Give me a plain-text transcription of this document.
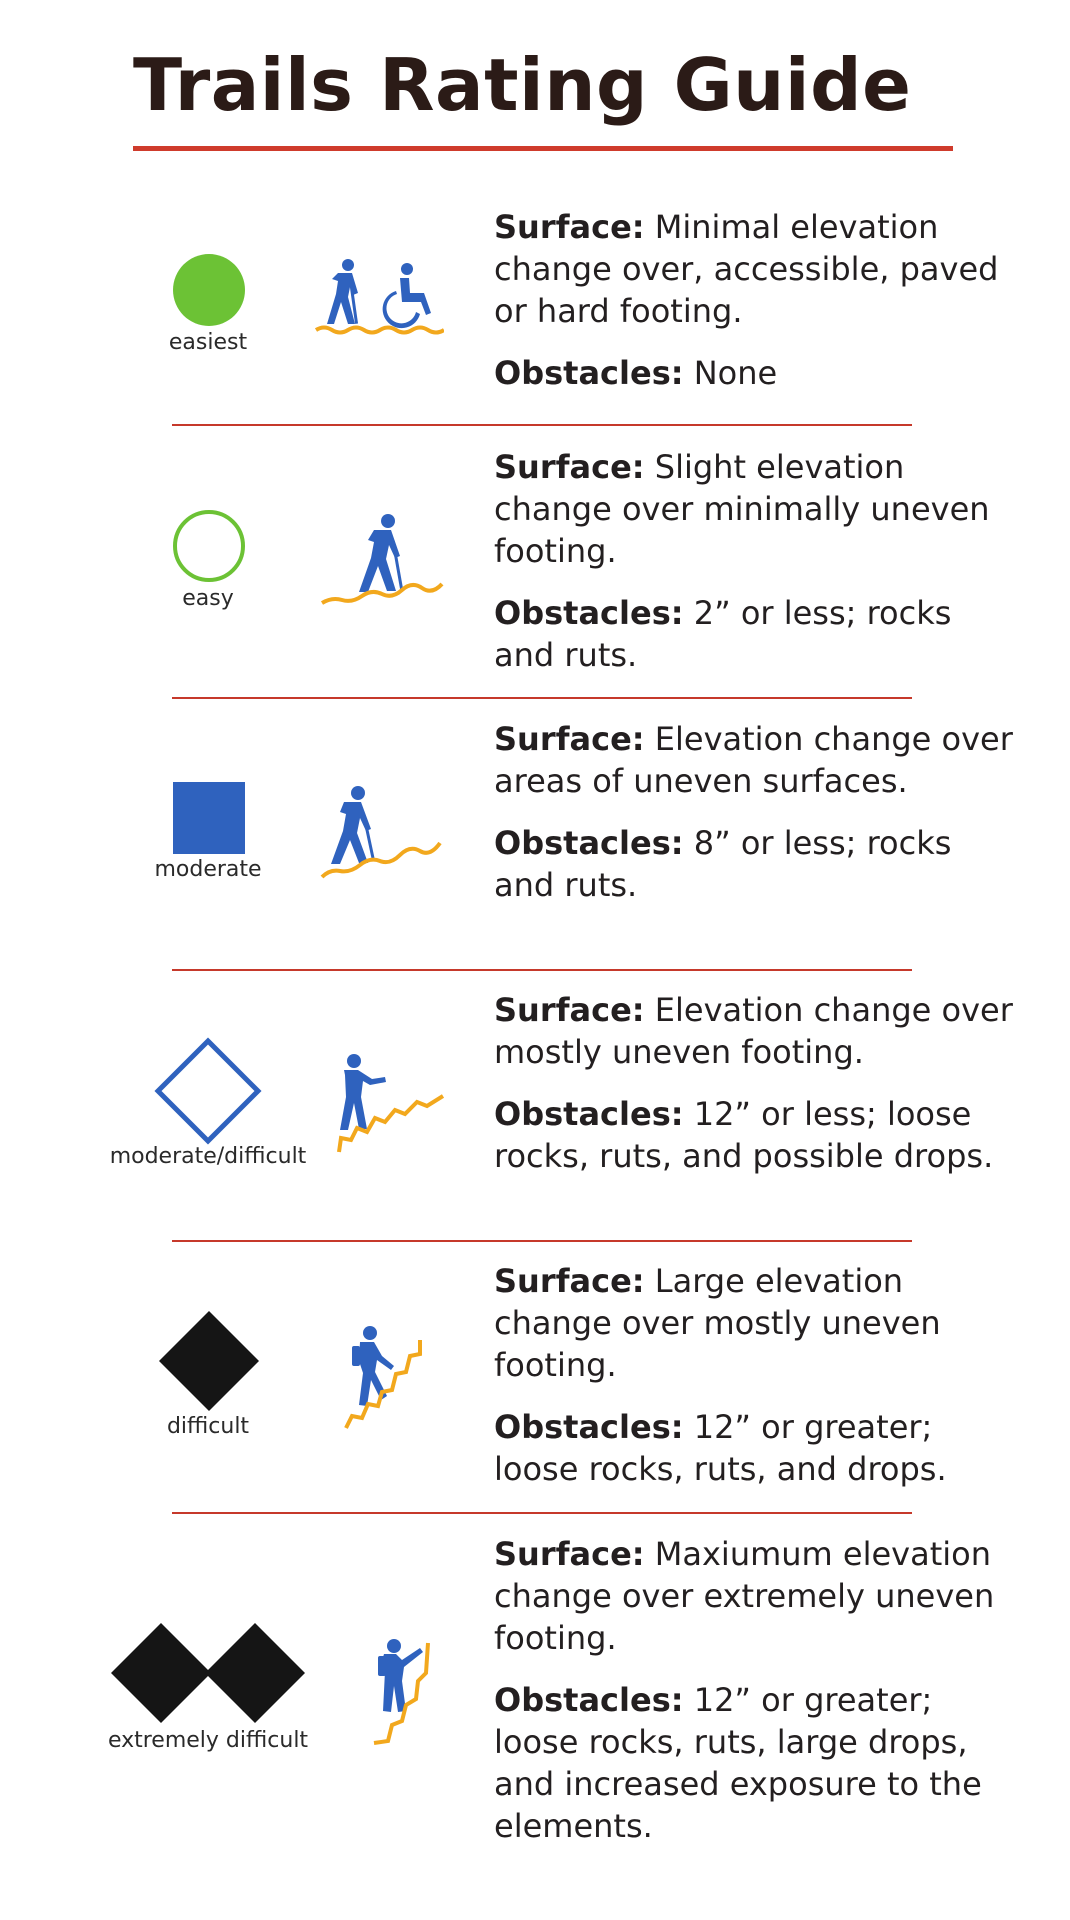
Trails Rating Guide
easiest

Surface: Minimal elevation change over, accessible, paved or hard footing.

Obstacles: None

easy

Surface: Slight elevation change over minimally uneven footing.

Obstacles: 2” or less; rocks and ruts.

moderate

Surface: Elevation change over areas of uneven surfaces.

Obstacles: 8” or less; rocks and ruts.

moderate/difficult

Surface: Elevation change over mostly uneven footing.

Obstacles: 12” or less; loose rocks, ruts, and possible drops.

difficult

Surface: Large elevation change over mostly uneven footing.

Obstacles: 12” or greater; loose rocks, ruts, and drops.

extremely difficult

Surface: Maxiumum elevation change over extremely uneven footing.

Obstacles: 12” or greater; loose rocks, ruts, large drops, and increased exposure to the elements.
